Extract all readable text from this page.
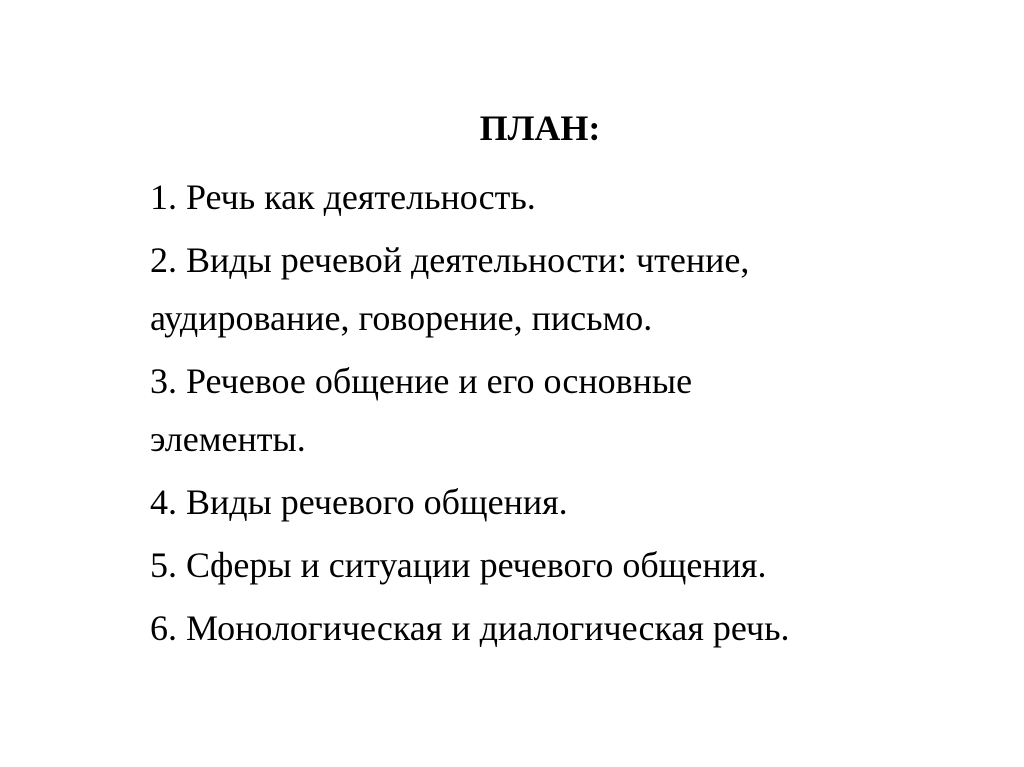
ПЛАН:
1. Речь как деятельность.
2. Виды речевой деятельности: чтение,
аудирование, говорение, письмо.
3. Речевое общение и его основные
элементы.
4. Виды речевого общения.
5. Сферы и ситуации речевого общения.
6. Монологическая и диалогическая речь.
